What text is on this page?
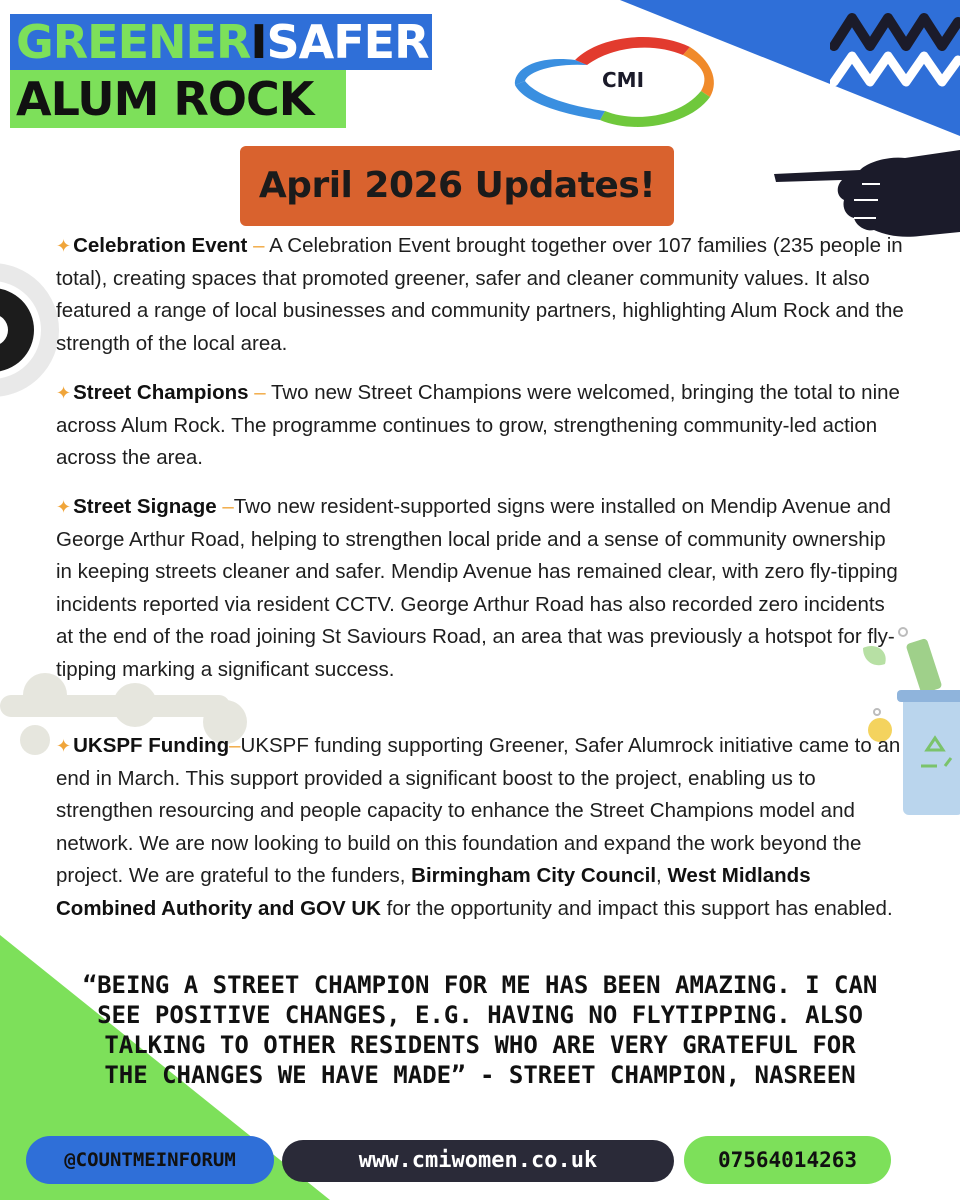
GREENERISAFER
ALUM ROCK	CMI
April 2026 Updates!
✦Celebration Event – A Celebration Event brought together over 107 families (235 people in total), creating spaces that promoted greener, safer and cleaner community values. It also featured a range of local businesses and community partners, highlighting Alum Rock and the strength of the local area.
✦Street Champions – Two new Street Champions were welcomed, bringing the total to nine across Alum Rock. The programme continues to grow, strengthening community-led action across the area.
✦Street Signage –Two new resident-supported signs were installed on Mendip Avenue and George Arthur Road, helping to strengthen local pride and a sense of community ownership in keeping streets cleaner and safer. Mendip Avenue has remained clear, with zero fly-tipping incidents reported via resident CCTV. George Arthur Road has also recorded zero incidents at the end of the road joining St Saviours Road, an area that was previously a hotspot for fly-tipping marking a significant success.
✦UKSPF Funding–UKSPF funding supporting Greener, Safer Alumrock initiative came to an end in March. This support provided a significant boost to the project, enabling us to strengthen resourcing and people capacity to enhance the Street Champions model and network. We are now looking to build on this foundation and expand the work beyond the project. We are grateful to the funders, Birmingham City Council, West Midlands Combined Authority and GOV UK for the opportunity and impact this support has enabled.
“BEING A STREET CHAMPION FOR ME HAS BEEN AMAZING. I CAN SEE POSITIVE CHANGES, E.G. HAVING NO FLYTIPPING. ALSO TALKING TO OTHER RESIDENTS WHO ARE VERY GRATEFUL FOR THE CHANGES WE HAVE MADE” - STREET CHAMPION, NASREEN
@COUNTMEINFORUM	www.cmiwomen.co.uk	07564014263
